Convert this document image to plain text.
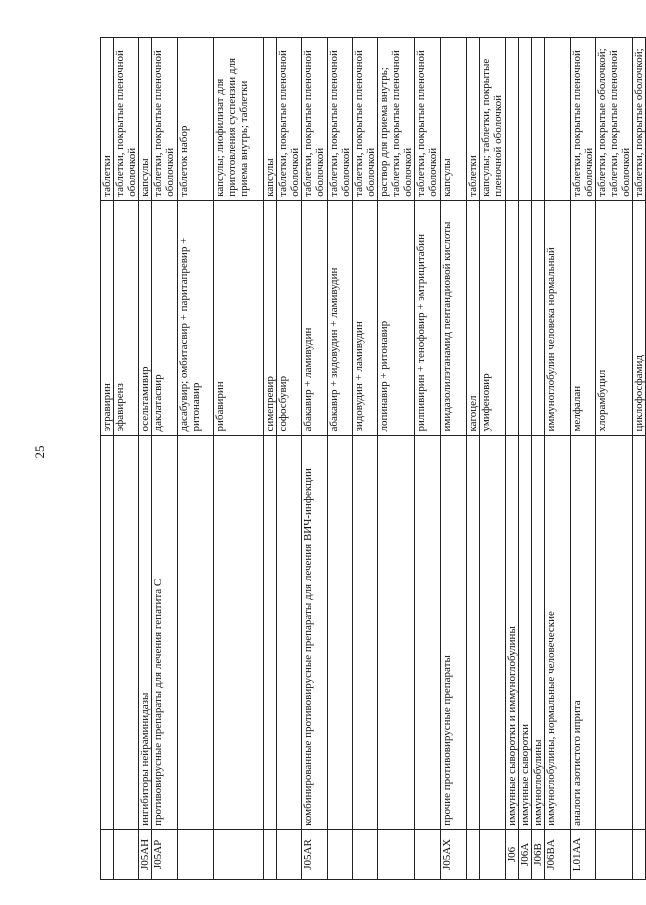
25
		этравирин	таблетки
		эфавиренз	таблетки, покрытые пленочной оболочкой
J05AH	ингибиторы нейраминидазы	осельтамивир	капсулы
J05AP	противовирусные препараты для лечения гепатита С	даклатасвир	таблетки, покрытые пленочной оболочкой
		дасабувир; омбитасвир + паритапревир + ритонавир	таблеток набор
		рибавирин	капсулы; лиофилизат для приготовления суспензии для приема внутрь; таблетки
		симепревир	капсулы
		софосбувир	таблетки, покрытые пленочной оболочкой
J05AR	комбинированные противовирусные препараты для лечения ВИЧ-инфекции	абакавир + ламивудин	таблетки, покрытые пленочной оболочкой
		абакавир + зидовудин + ламивудин	таблетки, покрытые пленочной оболочкой
		зидовудин + ламивудин	таблетки, покрытые пленочной оболочкой
		лопинавир + ритонавир	раствор для приема внутрь; таблетки, покрытые пленочной оболочкой
		рилпивирин + тенофовир + эмтрицитабин	таблетки, покрытые пленочной оболочкой
J05AX	прочие противовирусные препараты	имидазолилэтанамид пентандиовой кислоты	капсулы
		кагоцел	таблетки
		умифеновир	капсулы; таблетки, покрытые пленочной оболочкой
J06	иммунные сыворотки и иммуноглобулины		
J06A	иммунные сыворотки		
J06B	иммуноглобулины		
J06BA	иммуноглобулины, нормальные человеческие	иммуноглобулин человека нормальный	
L01AA	аналоги азотистого иприта	мелфалан	таблетки, покрытые пленочной оболочкой
		хлорамбуцил	таблетки, покрытые оболочкой; таблетки, покрытые пленочной оболочкой
		циклофосфамид	таблетки, покрытые оболочкой;
